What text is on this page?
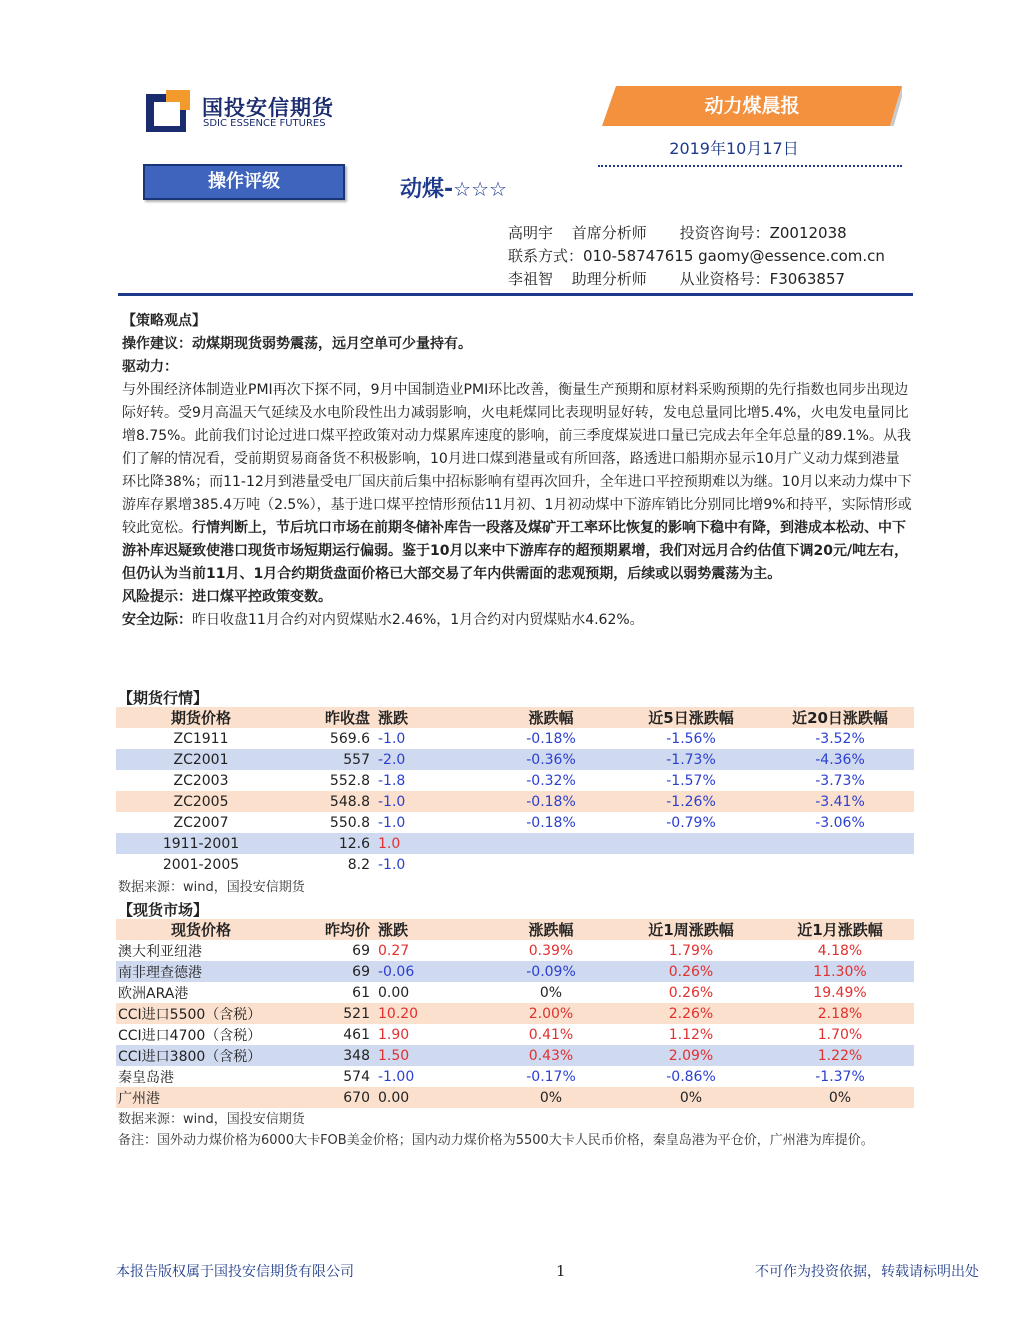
国投安信期货
SDIC ESSENCE FUTURES
动力煤晨报
2019年10月17日
操作评级	动煤-☆☆☆
高明宇 首席分析师 投资咨询号：Z0012038
联系方式：010-58747615 gaomy@essence.com.cn
李祖智 助理分析师 从业资格号：F3063857

【策略观点】

操作建议：动煤期现货弱势震荡，远月空单可少量持有。

驱动力：

与外围经济体制造业PMI再次下探不同，9月中国制造业PMI环比改善，衡量生产预期和原材料采购预期的先行指数也同步出现边际好转。受9月高温天气延续及水电阶段性出力减弱影响，火电耗煤同比表现明显好转，发电总量同比增5.4%，火电发电量同比增8.75%。此前我们讨论过进口煤平控政策对动力煤累库速度的影响，前三季度煤炭进口量已完成去年全年总量的89.1%。从我们了解的情况看，受前期贸易商备货不积极影响，10月进口煤到港量或有所回落，路透进口船期亦显示10月广义动力煤到港量环比降38%；而11-12月到港量受电厂国庆前后集中招标影响有望再次回升，全年进口平控预期难以为继。10月以来动力煤中下游库存累增385.4万吨（2.5%），基于进口煤平控情形预估11月初、1月初动煤中下游库销比分别同比增9%和持平，实际情形或较此宽松。行情判断上，节后坑口市场在前期冬储补库告一段落及煤矿开工率环比恢复的影响下稳中有降，到港成本松动、中下游补库迟疑致使港口现货市场短期运行偏弱。鉴于10月以来中下游库存的超预期累增，我们对远月合约估值下调20元/吨左右，但仍认为当前11月、1月合约期货盘面价格已大部交易了年内供需面的悲观预期，后续或以弱势震荡为主。

风险提示：进口煤平控政策变数。

安全边际：昨日收盘11月合约对内贸煤贴水2.46%，1月合约对内贸煤贴水4.62%。

【期货行情】
期货价格	昨收盘	涨跌	涨跌幅	近5日涨跌幅	近20日涨跌幅
ZC1911	569.6	-1.0	-0.18%	-1.56%	-3.52%
ZC2001	557	-2.0	-0.36%	-1.73%	-4.36%
ZC2003	552.8	-1.8	-0.32%	-1.57%	-3.73%
ZC2005	548.8	-1.0	-0.18%	-1.26%	-3.41%
ZC2007	550.8	-1.0	-0.18%	-0.79%	-3.06%
1911-2001	12.6	1.0			
2001-2005	8.2	-1.0			
数据来源：wind，国投安信期货
【现货市场】
现货价格	昨均价	涨跌	涨跌幅	近1周涨跌幅	近1月涨跌幅
澳大利亚纽港	69	0.27	0.39%	1.79%	4.18%
南非理查德港	69	-0.06	-0.09%	0.26%	11.30%
欧洲ARA港	61	0.00	0%	0.26%	19.49%
CCI进口5500（含税）	521	10.20	2.00%	2.26%	2.18%
CCI进口4700（含税）	461	1.90	0.41%	1.12%	1.70%
CCI进口3800（含税）	348	1.50	0.43%	2.09%	1.22%
秦皇岛港	574	-1.00	-0.17%	-0.86%	-1.37%
广州港	670	0.00	0%	0%	0%
数据来源：wind，国投安信期货
备注：国外动力煤价格为6000大卡FOB美金价格；国内动力煤价格为5500大卡人民币价格，秦皇岛港为平仓价，广州港为库提价。
本报告版权属于国投安信期货有限公司	1	不可作为投资依据，转载请标明出处
